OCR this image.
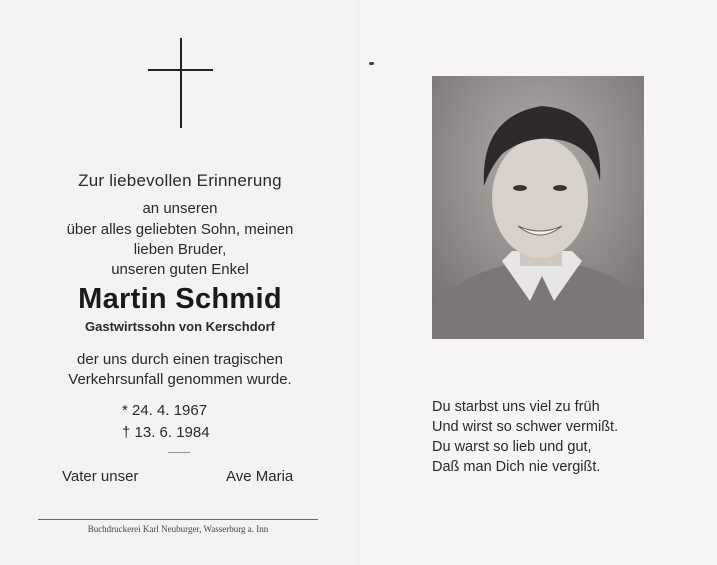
Zur liebevollen Erinnerung
an unseren
über alles geliebten Sohn, meinen
lieben Bruder,
unseren guten Enkel
Martin Schmid
Gastwirtssohn von Kerschdorf
der uns durch einen tragischen
Verkehrsunfall genommen wurde.
* 24. 4. 1967
† 13. 6. 1984
Vater unser	Ave Maria
Buchdruckerei Karl Neuburger, Wasserburg a. Inn
Du starbst uns viel zu früh
Und wirst so schwer vermißt.
Du warst so lieb und gut,
Daß man Dich nie vergißt.
